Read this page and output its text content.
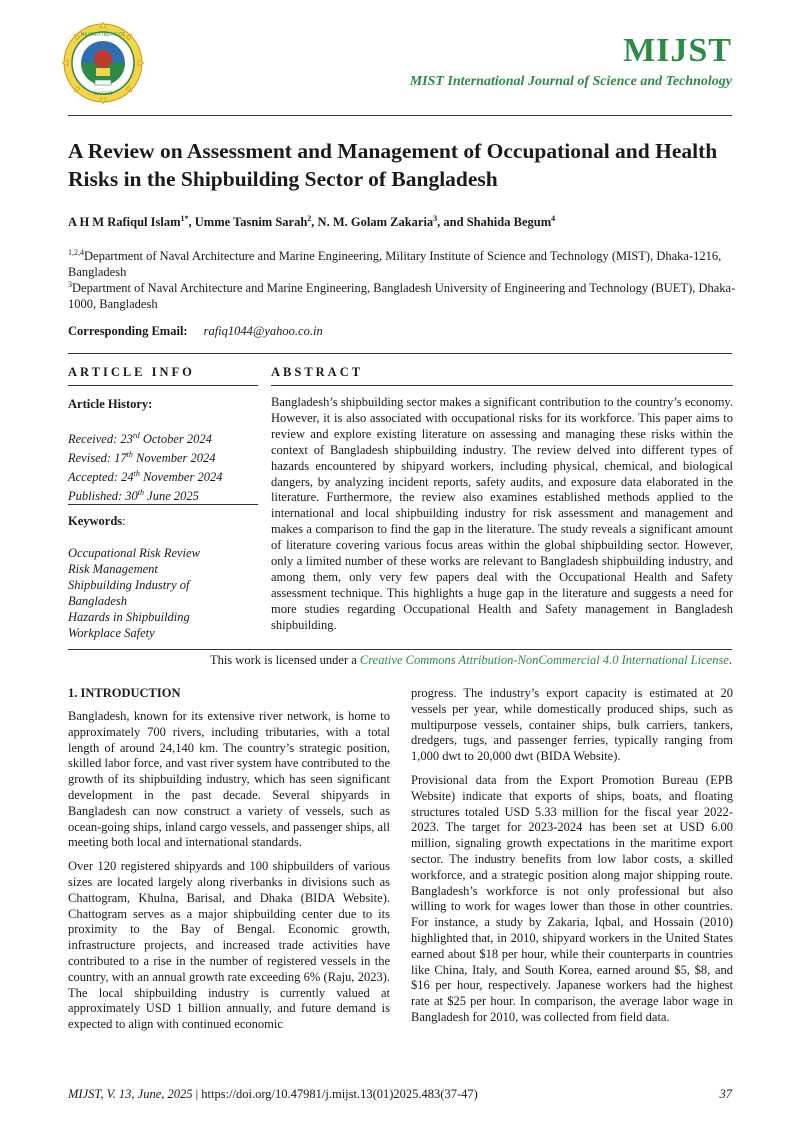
MILITARY INSTITUTE
SUCCESS
MIJST
MIST International Journal of Science and Technology
A Review on Assessment and Management of Occupational and Health Risks in the Shipbuilding Sector of Bangladesh
A H M Rafiqul Islam$^{1*}$, Umme Tasnim Sarah$^2$, N. M. Golam Zakaria$^3$, and Shahida Begum$^4$
$^{1,2,4}$Department of Naval Architecture and Marine Engineering, Military Institute of Science and Technology (MIST), Dhaka-1216, Bangladesh
$^3$Department of Naval Architecture and Marine Engineering, Bangladesh University of Engineering and Technology (BUET), Dhaka-1000, Bangladesh
Corresponding Email: rafiq1044@yahoo.co.in
ARTICLE INFO	ABSTRACT
Article History:
Received: 23rd October 2024
Revised: 17th November 2024
Accepted: 24th November 2024
Published: 30th June 2025
Keywords:
Occupational Risk Review
Risk Management
Shipbuilding Industry of Bangladesh
Hazards in Shipbuilding
Workplace Safety
Bangladesh’s shipbuilding sector makes a significant contribution to the country’s economy. However, it is also associated with occupational risks for its workforce. This paper aims to review and explore existing literature on assessing and managing these risks within the context of Bangladesh shipbuilding industry. The review delved into different types of hazards encountered by shipyard workers, including physical, chemical, and biological dangers, by analyzing incident reports, safety audits, and exposure data elaborated in the literature. Furthermore, the review also examines established methods applied to the international and local shipbuilding industry for risk assessment and management and makes a comparison to find the gap in the literature. The study reveals a significant amount of literature covering various focus areas within the global shipbuilding sector. However, only a limited number of these works are relevant to Bangladesh shipbuilding industry, and among them, only very few papers deal with the Occupational Health and Safety assessment technique. This highlights a huge gap in the literature and suggests a need for more studies regarding Occupational Health and Safety management in Bangladesh shipbuilding.
This work is licensed under a Creative Commons Attribution-NonCommercial 4.0 International License.
1. INTRODUCTION

Bangladesh, known for its extensive river network, is home to approximately 700 rivers, including tributaries, with a total length of around 24,140 km. The country’s strategic position, skilled labor force, and vast river system have contributed to the growth of its shipbuilding industry, which has seen significant development in the past decade. Several shipyards in Bangladesh can now construct a variety of vessels, such as ocean-going ships, inland cargo vessels, and passenger ships, all meeting both local and international standards.

Over 120 registered shipyards and 100 shipbuilders of various sizes are located largely along riverbanks in divisions such as Chattogram, Khulna, Barisal, and Dhaka (BIDA Website). Chattogram serves as a major shipbuilding center due to its proximity to the Bay of Bengal. Economic growth, infrastructure projects, and increased trade activities have contributed to a rise in the number of registered vessels in the country, with an annual growth rate exceeding 6% (Raju, 2023). The local shipbuilding industry is currently valued at approximately USD 1 billion annually, and future demand is expected to align with continued economic

progress. The industry’s export capacity is estimated at 20 vessels per year, while domestically produced ships, such as multipurpose vessels, container ships, bulk carriers, tankers, dredgers, tugs, and passenger ferries, typically ranging from 1,000 dwt to 20,000 dwt (BIDA Website).

Provisional data from the Export Promotion Bureau (EPB Website) indicate that exports of ships, boats, and floating structures totaled USD 5.33 million for the fiscal year 2022-2023. The target for 2023-2024 has been set at USD 6.00 million, signaling growth expectations in the maritime export sector. The industry benefits from low labor costs, a skilled workforce, and a strategic position along major shipping route. Bangladesh’s workforce is not only professional but also willing to work for wages lower than those in other countries. For instance, a study by Zakaria, Iqbal, and Hossain (2010) highlighted that, in 2010, shipyard workers in the United States earned about $18 per hour, while their counterparts in countries like China, Italy, and South Korea, earned around $5, $8, and $16 per hour, respectively. Japanese workers had the highest rate at $25 per hour. In comparison, the average labor wage in Bangladesh for 2010, was collected from field data.

MIJST, V. 13, June, 2025 | https://doi.org/10.47981/j.mijst.13(01)2025.483(37-47)	37
